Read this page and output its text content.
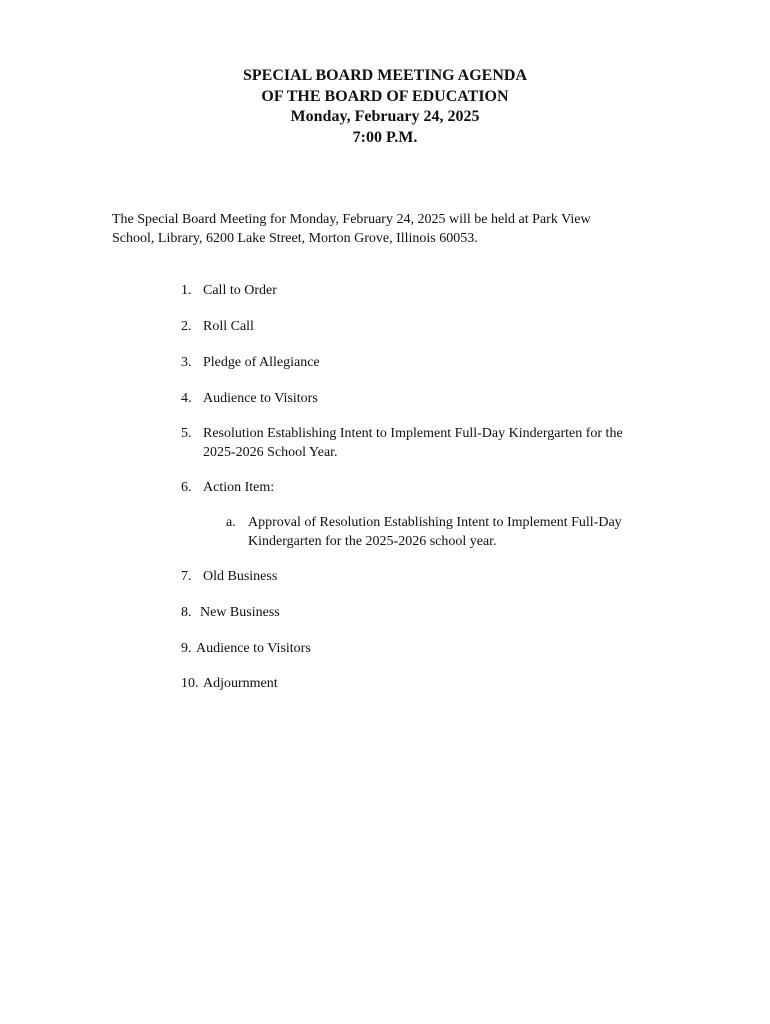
SPECIAL BOARD MEETING AGENDA
OF THE BOARD OF EDUCATION
Monday, February 24, 2025
7:00 P.M.
The Special Board Meeting for Monday, February 24, 2025 will be held at Park View
School, Library, 6200 Lake Street, Morton Grove, Illinois 60053.
1. Call to Order
2. Roll Call
3. Pledge of Allegiance
4. Audience to Visitors
5. Resolution Establishing Intent to Implement Full-Day Kindergarten for the
2025-2026 School Year.
6. Action Item:
a. Approval of Resolution Establishing Intent to Implement Full-Day
Kindergarten for the 2025-2026 school year.
7. Old Business
8. New Business
9. Audience to Visitors
10. Adjournment
